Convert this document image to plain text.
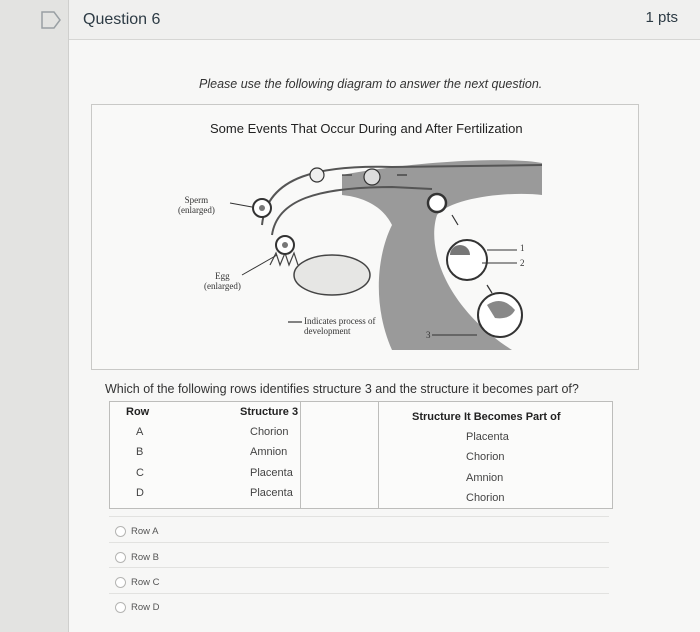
Question 6	1 pts
Please use the following diagram to answer the next question.
Some Events That Occur During and After Fertilization
Sperm
(enlarged)
Egg
(enlarged)
Indicates process of
development
1
2
3
Which of the following rows identifies structure 3 and the structure it becomes part of?
Row	Structure 3	Structure It Becomes Part of
A	Chorion	Placenta
B	Amnion	Chorion
C	Placenta	Amnion
D	Placenta	Chorion
Row A
Row B
Row C
Row D
